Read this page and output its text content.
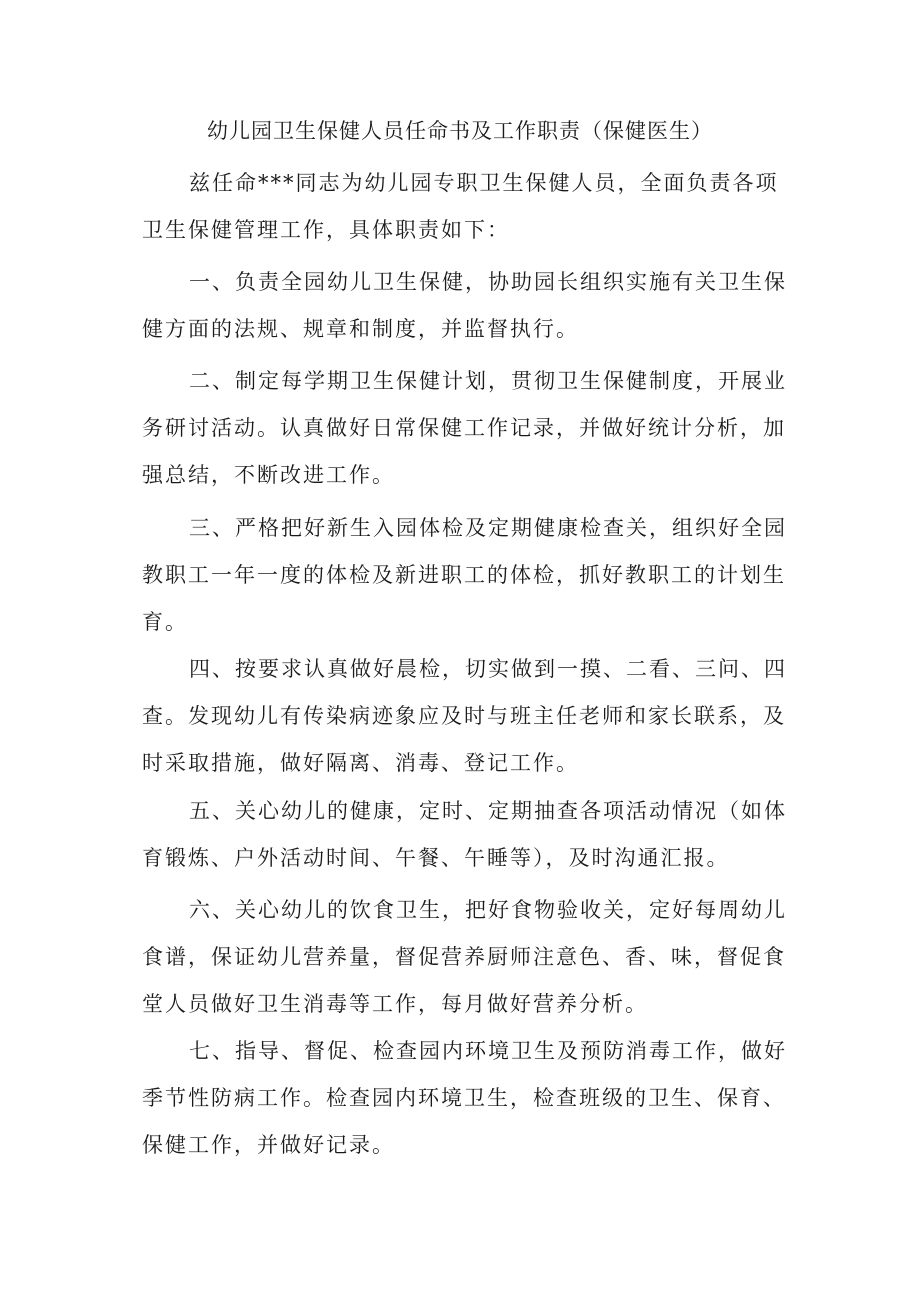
幼儿园卫生保健人员任命书及工作职责（保健医生）
兹任命***同志为幼儿园专职卫生保健人员，全面负责各项
卫生保健管理工作，具体职责如下：
一、负责全园幼儿卫生保健，协助园长组织实施有关卫生保
健方面的法规、规章和制度，并监督执行。
二、制定每学期卫生保健计划，贯彻卫生保健制度，开展业
务研讨活动。认真做好日常保健工作记录，并做好统计分析，加
强总结，不断改进工作。
三、严格把好新生入园体检及定期健康检查关，组织好全园
教职工一年一度的体检及新进职工的体检，抓好教职工的计划生
育。
四、按要求认真做好晨检，切实做到一摸、二看、三问、四
查。发现幼儿有传染病迹象应及时与班主任老师和家长联系，及
时采取措施，做好隔离、消毒、登记工作。
五、关心幼儿的健康，定时、定期抽查各项活动情况（如体
育锻炼、户外活动时间、午餐、午睡等），及时沟通汇报。
六、关心幼儿的饮食卫生，把好食物验收关，定好每周幼儿
食谱，保证幼儿营养量，督促营养厨师注意色、香、味，督促食
堂人员做好卫生消毒等工作，每月做好营养分析。
七、指导、督促、检查园内环境卫生及预防消毒工作，做好
季节性防病工作。检查园内环境卫生，检查班级的卫生、保育、
保健工作，并做好记录。
